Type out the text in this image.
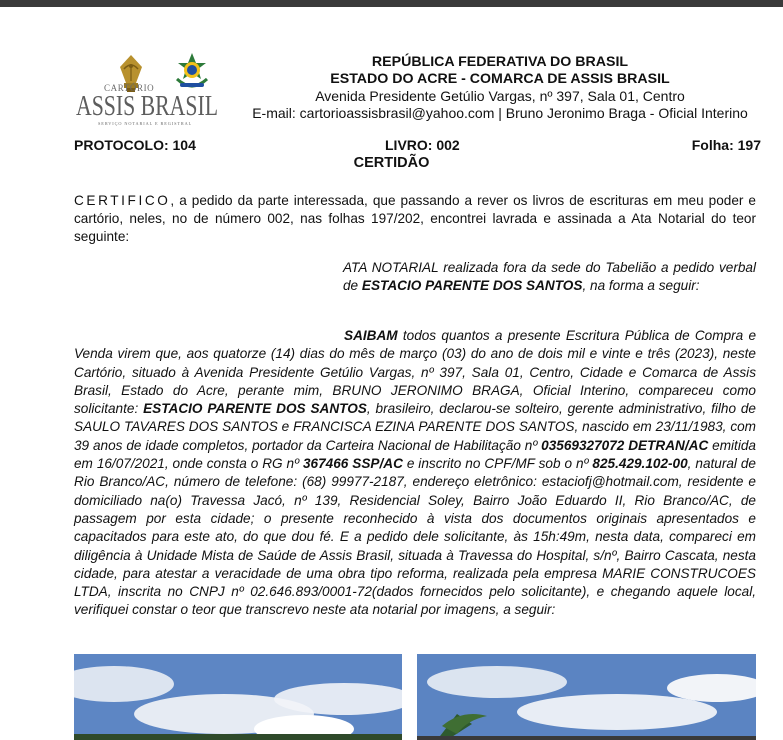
CARTÓRIO
ASSIS BRASIL
SERVIÇO NOTARIAL E REGISTRAL
REPÚBLICA FEDERATIVA DO BRASIL
ESTADO DO ACRE - COMARCA DE ASSIS BRASIL
Avenida Presidente Getúlio Vargas, nº 397, Sala 01, Centro
E-mail: cartorioassisbrasil@yahoo.com | Bruno Jeronimo Braga - Oficial Interino
PROTOCOLO: 104	LIVRO: 002	Folha: 197
CERTIDÃO
CERTIFICO, a pedido da parte interessada, que passando a rever os livros de escrituras em meu poder e cartório, neles, no de número 002, nas folhas 197/202, encontrei lavrada e assinada a Ata Notarial do teor seguinte:
ATA NOTARIAL realizada fora da sede do Tabelião a pedido verbal de ESTACIO PARENTE DOS SANTOS, na forma a seguir:
SAIBAM todos quantos a presente Escritura Pública de Compra e Venda virem que, aos quatorze (14) dias do mês de março (03) do ano de dois mil e vinte e três (2023), neste Cartório, situado à Avenida Presidente Getúlio Vargas, nº 397, Sala 01, Centro, Cidade e Comarca de Assis Brasil, Estado do Acre, perante mim, BRUNO JERONIMO BRAGA, Oficial Interino, compareceu como solicitante: ESTACIO PARENTE DOS SANTOS, brasileiro, declarou-se solteiro, gerente administrativo, filho de SAULO TAVARES DOS SANTOS e FRANCISCA EZINA PARENTE DOS SANTOS, nascido em 23/11/1983, com 39 anos de idade completos, portador da Carteira Nacional de Habilitação nº 03569327072 DETRAN/AC emitida em 16/07/2021, onde consta o RG nº 367466 SSP/AC e inscrito no CPF/MF sob o nº 825.429.102-00, natural de Rio Branco/AC, número de telefone: (68) 99977-2187, endereço eletrônico: estaciofj@hotmail.com, residente e domiciliado na(o) Travessa Jacó, nº 139, Residencial Soley, Bairro João Eduardo II, Rio Branco/AC, de passagem por esta cidade; o presente reconhecido à vista dos documentos originais apresentados e capacitados para este ato, do que dou fé. E a pedido dele solicitante, às 15h:49m, nesta data, compareci em diligência à Unidade Mista de Saúde de Assis Brasil, situada à Travessa do Hospital, s/nº, Bairro Cascata, nesta cidade, para atestar a veracidade de uma obra tipo reforma, realizada pela empresa MARIE CONSTRUCOES LTDA, inscrita no CNPJ nº 02.646.893/0001-72(dados fornecidos pelo solicitante), e chegando aquele local, verifiquei constar o teor que transcrevo neste ata notarial por imagens, a seguir:
